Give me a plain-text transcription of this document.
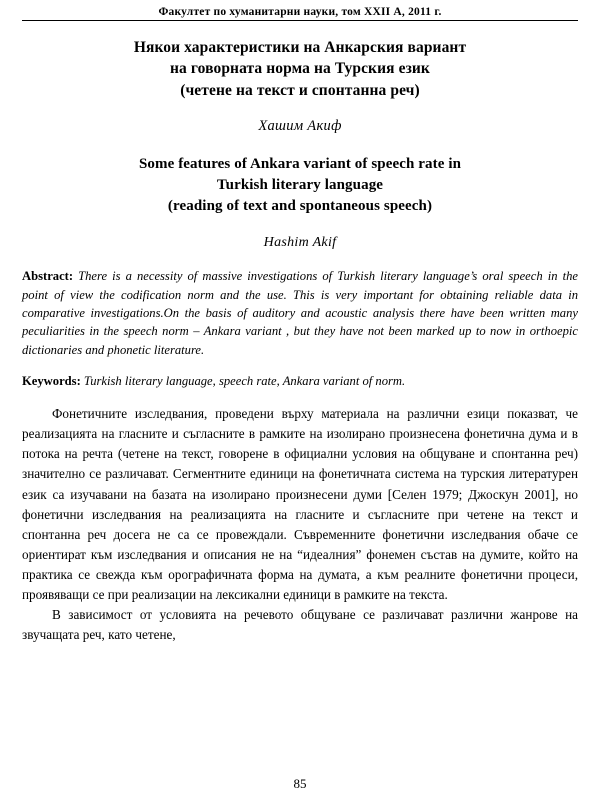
Факултет по хуманитарни науки, том XXII А, 2011 г.
Някои характеристики на Анкарския вариант
на говорната норма на Турския език
(четене на текст и спонтанна реч)
Хашим Акиф
Some features of Ankara variant of speech rate in
Turkish literary language
(reading of text and spontaneous speech)
Hashim Akif
Abstract: There is a necessity of massive investigations of Turkish literary language’s oral speech in the point of view the codification norm and the use. This is very important for obtaining reliable data in comparative investigations.On the basis of auditory and acoustic analysis there have been written many peculiarities in the speech norm – Ankara variant , but they have not been marked up to now in orthoepic dictionaries and phonetic literature.
Keywords: Turkish literary language, speech rate, Ankara variant of norm.

Фонетичните изследвания, проведени върху материала на различни езици показват, че реализацията на гласните и съгласните в рамките на изолирано произнесена фонетична дума и в потока на речта (четене на текст, говорене в официални условия на общуване и спонтанна реч) значително се различават. Сегментните единици на фонетичната система на турския литературен език са изучавани на базата на изолирано произнесени думи [Селен 1979; Джоскун 2001], но фонетични изследвания на реализацията на гласните и съгласните при четене на текст и спонтанна реч досега не са се провеждали. Съвременните фонетични изследвания обаче се ориентират към изследвания и описания не на “идеалния” фонемен състав на думите, който на практика се свежда към орографичната форма на думата, а към реалните фонетични процеси, проявяващи се при реализации на лексикални единици в рамките на текста.

В зависимост от условията на речевото общуване се различават различни жанрове на звучащата реч, като четене,

85
